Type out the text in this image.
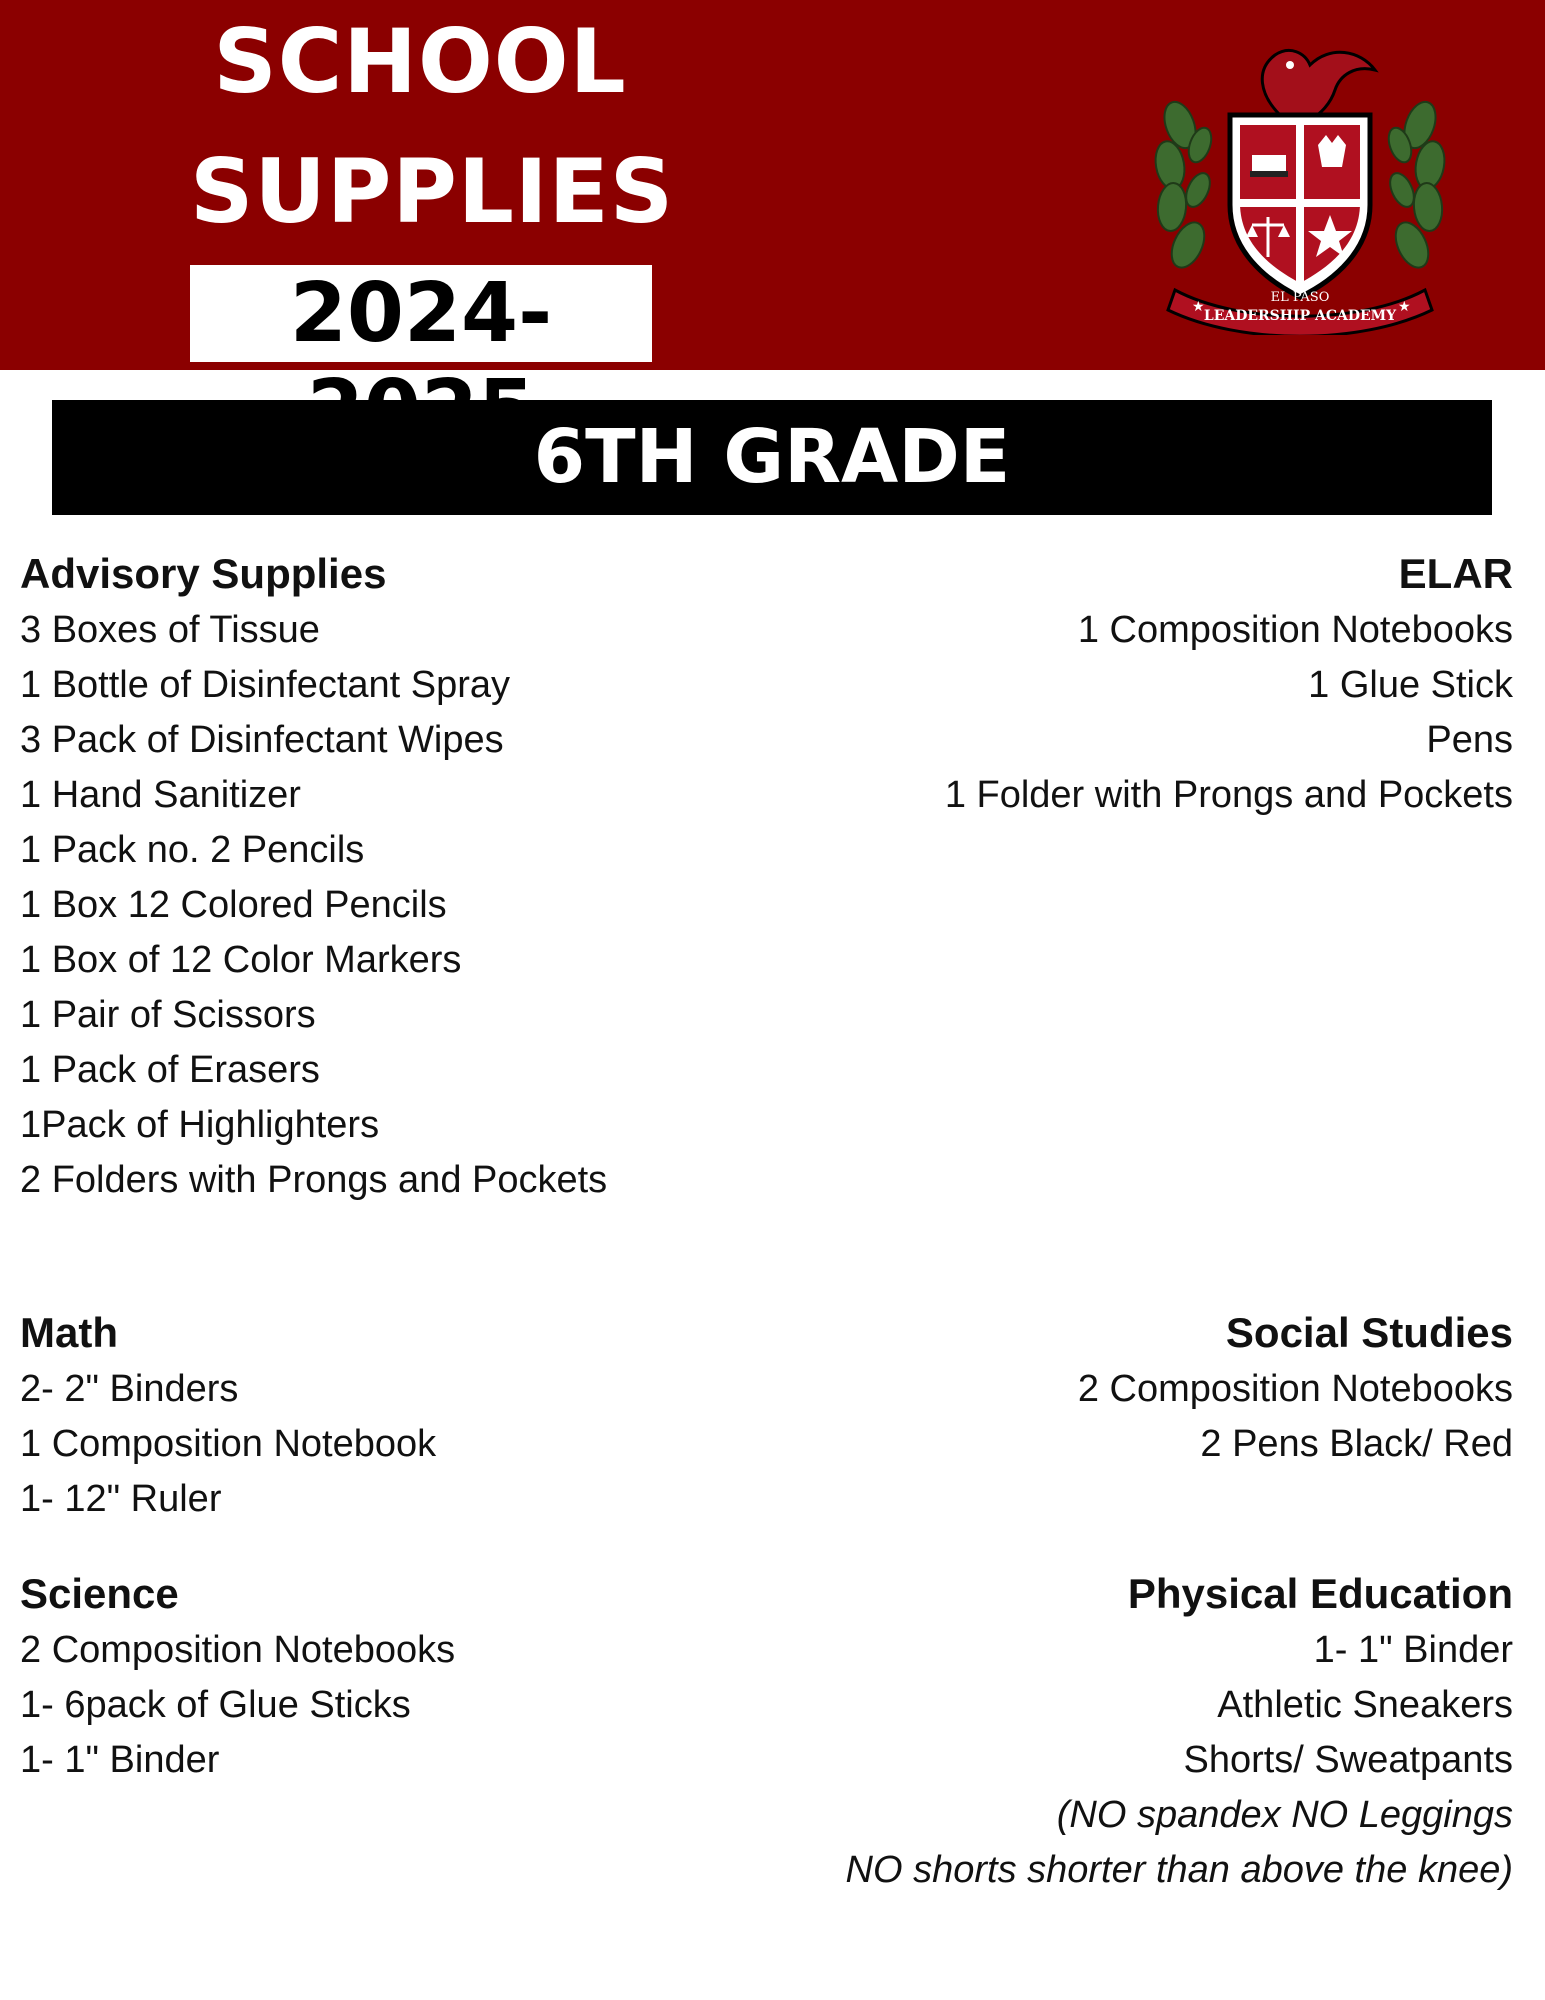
SCHOOL
SUPPLIES
2024-	EL PASO
LEADERSHIP ACADEMY
★	★
6TH GRADE
Advisory Supplies
3 Boxes of Tissue
1 Bottle of Disinfectant Spray
3 Pack of Disinfectant Wipes
1 Hand Sanitizer
1 Pack no. 2 Pencils
1 Box 12 Colored Pencils
1 Box of 12 Color Markers
1 Pair of Scissors
1 Pack of Erasers
1Pack of Highlighters
2 Folders with Prongs and Pockets
ELAR
1 Composition Notebooks
1 Glue Stick
Pens
1 Folder with Prongs and Pockets
Math
2- 2" Binders
1 Composition Notebook
1- 12" Ruler
Social Studies
2 Composition Notebooks
2 Pens Black/ Red
Science
2 Composition Notebooks
1- 6pack of Glue Sticks
1- 1" Binder
Physical Education
1- 1" Binder
Athletic Sneakers
Shorts/ Sweatpants
(NO spandex NO Leggings
NO shorts shorter than above the knee)
